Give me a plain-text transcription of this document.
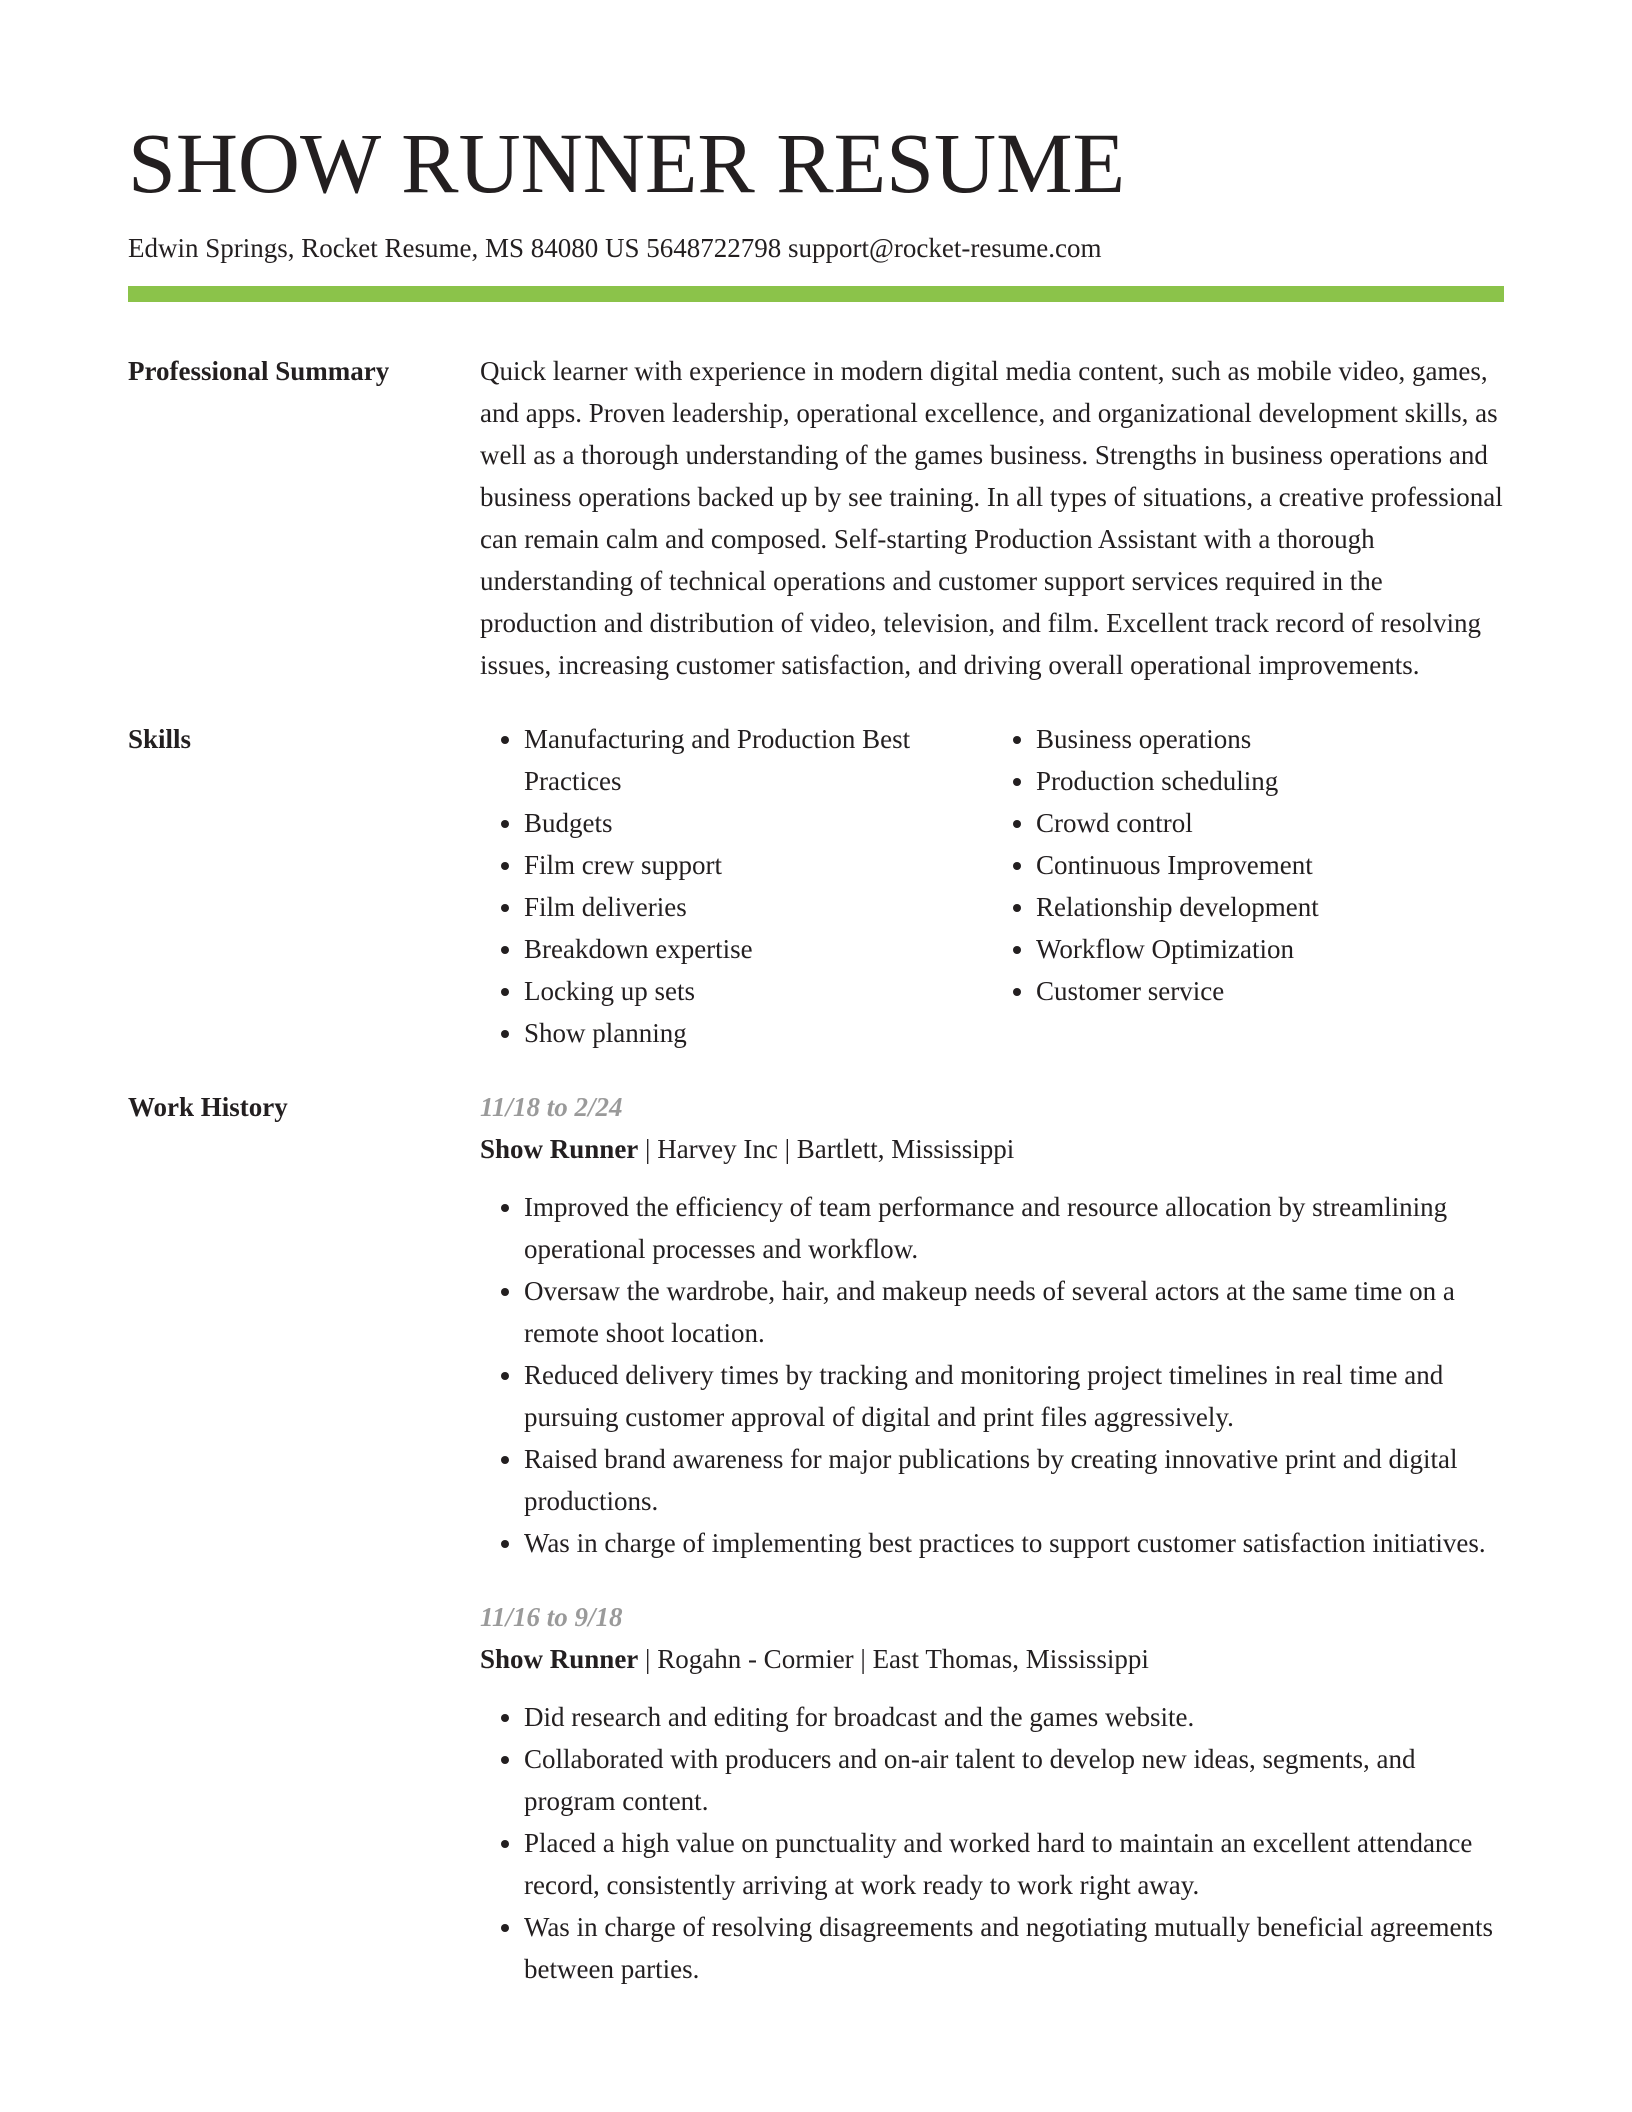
SHOW RUNNER RESUME
Edwin Springs, Rocket Resume, MS 84080 US 5648722798 support@rocket-resume.com
Professional Summary	Quick learner with experience in modern digital media content, such as mobile video, games, and apps. Proven leadership, operational excellence, and organizational development skills, as well as a thorough understanding of the games business. Strengths in business operations and business operations backed up by see training. In all types of situations, a creative professional can remain calm and composed. Self-starting Production Assistant with a thorough understanding of technical operations and customer support services required in the production and distribution of video, television, and film. Excellent track record of resolving issues, increasing customer satisfaction, and driving overall operational improvements.
Skills
•	Manufacturing and Production Best Practices
• Budgets
• Film crew support
• Film deliveries
• Breakdown expertise
• Locking up sets
• Show planning
• Business operations
• Production scheduling
• Crowd control
• Continuous Improvement
• Relationship development
• Workflow Optimization
• Customer service
Work History	11/18 to 2/24
Show Runner | Harvey Inc | Bartlett, Mississippi
• Improved the efficiency of team performance and resource allocation by streamlining operational processes and workflow.
• Oversaw the wardrobe, hair, and makeup needs of several actors at the same time on a remote shoot location.
• Reduced delivery times by tracking and monitoring project timelines in real time and pursuing customer approval of digital and print files aggressively.
• Raised brand awareness for major publications by creating innovative print and digital productions.
• Was in charge of implementing best practices to support customer satisfaction initiatives.
11/16 to 9/18
Show Runner | Rogahn - Cormier | East Thomas, Mississippi
• Did research and editing for broadcast and the games website.
• Collaborated with producers and on-air talent to develop new ideas, segments, and program content.
• Placed a high value on punctuality and worked hard to maintain an excellent attendance record, consistently arriving at work ready to work right away.
• Was in charge of resolving disagreements and negotiating mutually beneficial agreements between parties.
